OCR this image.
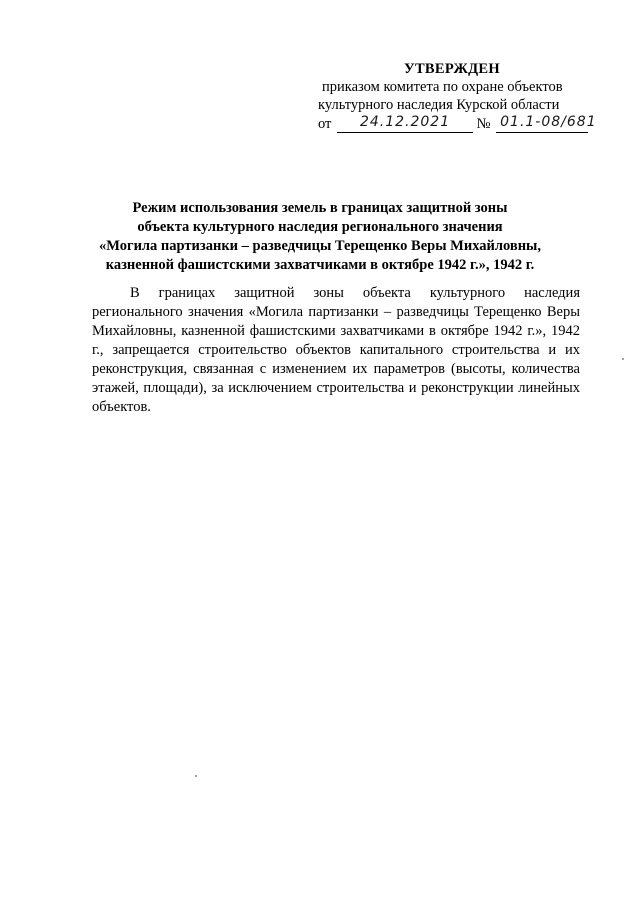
УТВЕРЖДЕН
приказом комитета по охране объектов
культурного наследия Курской области
от 24.12.2021 № 01.1-08/681
Режим использования земель в границах защитной зоны
объекта культурного наследия регионального значения
«Могила партизанки – разведчицы Терещенко Веры Михайловны,
казненной фашистскими захватчиками в октябре 1942 г.», 1942 г.
В границах защитной зоны объекта культурного наследия регионального значения «Могила партизанки – разведчицы Терещенко Веры Михайловны, казненной фашистскими захватчиками в октябре 1942 г.», 1942 г., запрещается строительство объектов капитального строительства и их реконструкция, связанная с изменением их параметров (высоты, количества этажей, площади), за исключением строительства и реконструкции линейных объектов.
